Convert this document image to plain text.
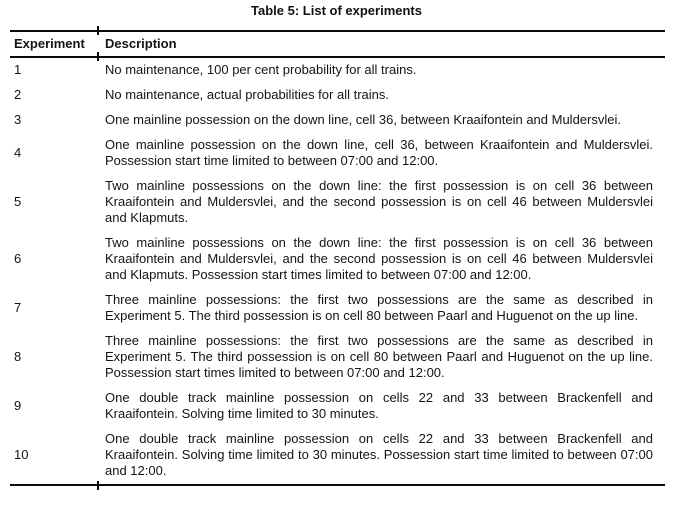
Table 5: List of experiments
Experiment	Description
1	No maintenance, 100 per cent probability for all trains.
2	No maintenance, actual probabilities for all trains.
3	One mainline possession on the down line, cell 36, between Kraaifontein and Muldersvlei.
4	One mainline possession on the down line, cell 36, between Kraaifontein and Muldersvlei. Possession start time limited to between 07:00 and 12:00.
5	Two mainline possessions on the down line: the first possession is on cell 36 between Kraaifontein and Muldersvlei, and the second possession is on cell 46 between Muldersvlei and Klapmuts.
6	Two mainline possessions on the down line: the first possession is on cell 36 between Kraaifontein and Muldersvlei, and the second possession is on cell 46 between Muldersvlei and Klapmuts. Possession start times limited to between 07:00 and 12:00.
7	Three mainline possessions: the first two possessions are the same as described in Experiment 5. The third possession is on cell 80 between Paarl and Huguenot on the up line.
8	Three mainline possessions: the first two possessions are the same as described in Experiment 5. The third possession is on cell 80 between Paarl and Huguenot on the up line. Possession start times limited to between 07:00 and 12:00.
9	One double track mainline possession on cells 22 and 33 between Brackenfell and Kraaifontein. Solving time limited to 30 minutes.
10	One double track mainline possession on cells 22 and 33 between Brackenfell and Kraaifontein. Solving time limited to 30 minutes. Possession start time limited to between 07:00 and 12:00.
